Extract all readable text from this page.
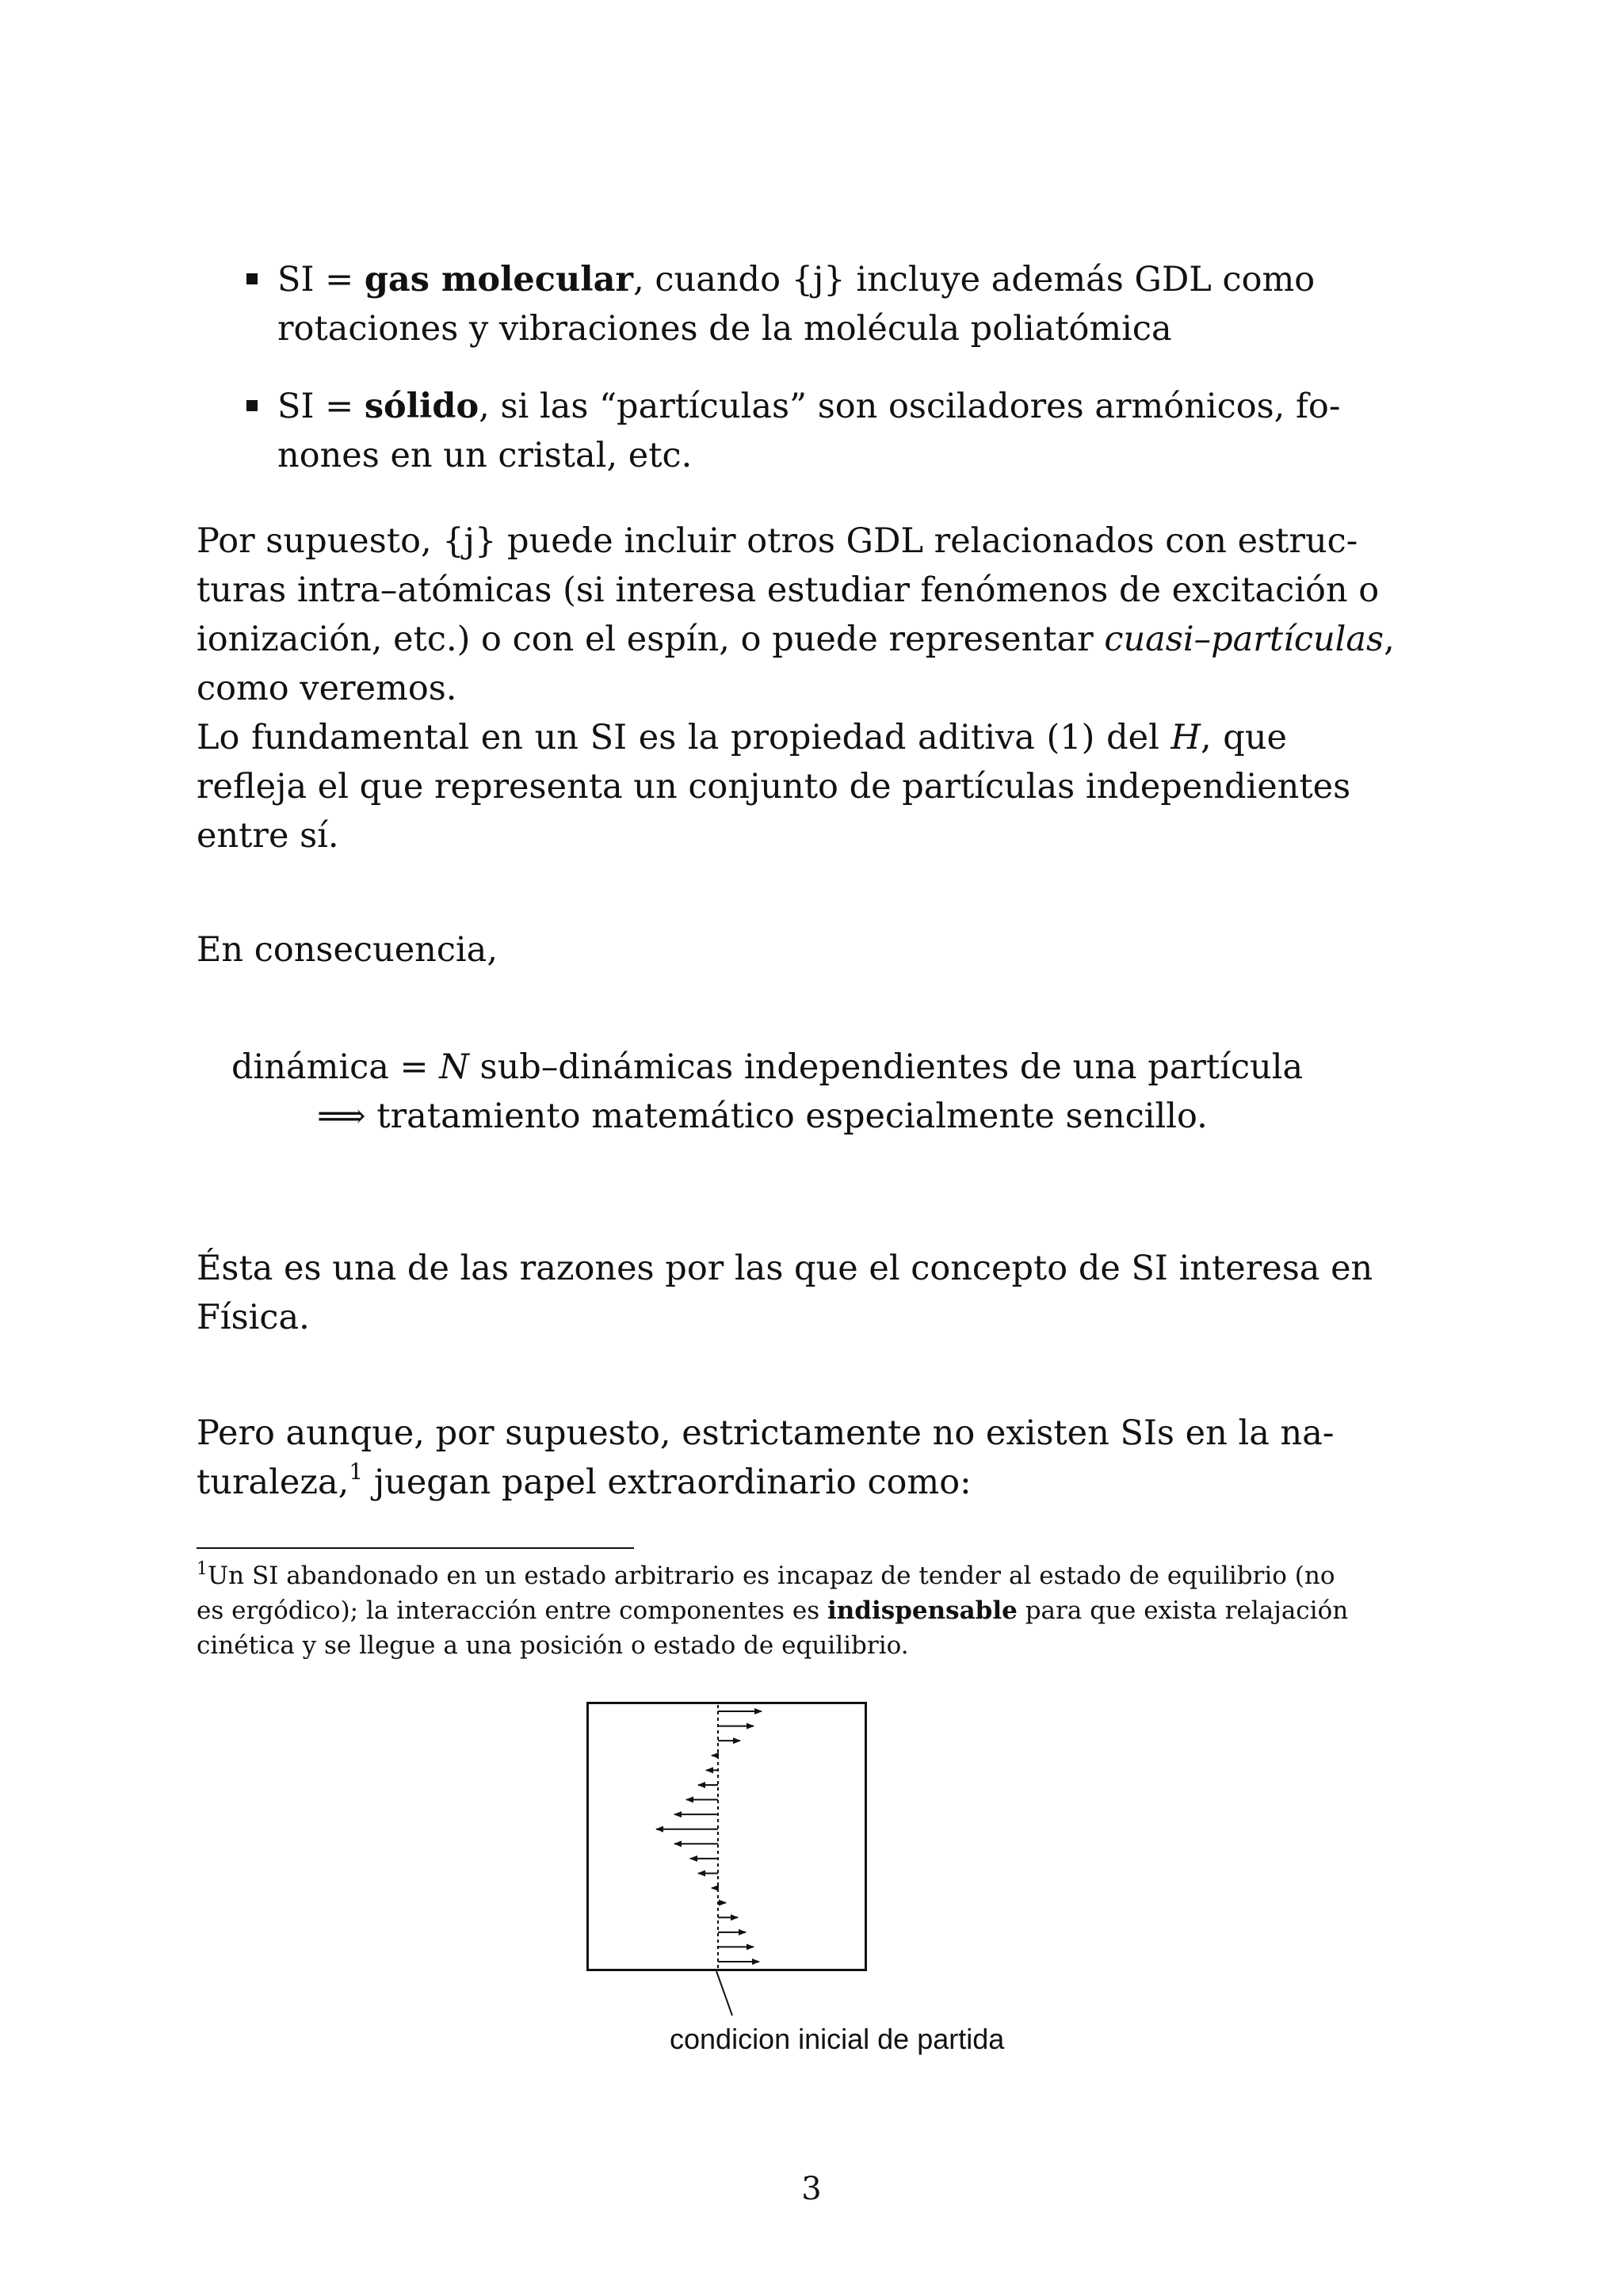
SI = gas molecular, cuando {j} incluye además GDL como
rotaciones y vibraciones de la molécula poliatómica
SI = sólido, si las “partículas” son osciladores armónicos, fo-
nones en un cristal, etc.
Por supuesto, {j} puede incluir otros GDL relacionados con estruc-
turas intra–atómicas (si interesa estudiar fenómenos de excitación o
ionización, etc.) o con el espín, o puede representar cuasi–partículas,
como veremos.
Lo fundamental en un SI es la propiedad aditiva (1) del H, que
refleja el que representa un conjunto de partículas independientes
entre sí.
En consecuencia,
dinámica = N sub–dinámicas independientes de una partícula
⟹ tratamiento matemático especialmente sencillo.
Ésta es una de las razones por las que el concepto de SI interesa en
Física.
Pero aunque, por supuesto, estrictamente no existen SIs en la na-
turaleza,$^1$ juegan papel extraordinario como:
$^1$Un SI abandonado en un estado arbitrario es incapaz de tender al estado de equilibrio (no
es ergódico); la interacción entre componentes es indispensable para que exista relajación
cinética y se llegue a una posición o estado de equilibrio.
condicion inicial de partida
3
